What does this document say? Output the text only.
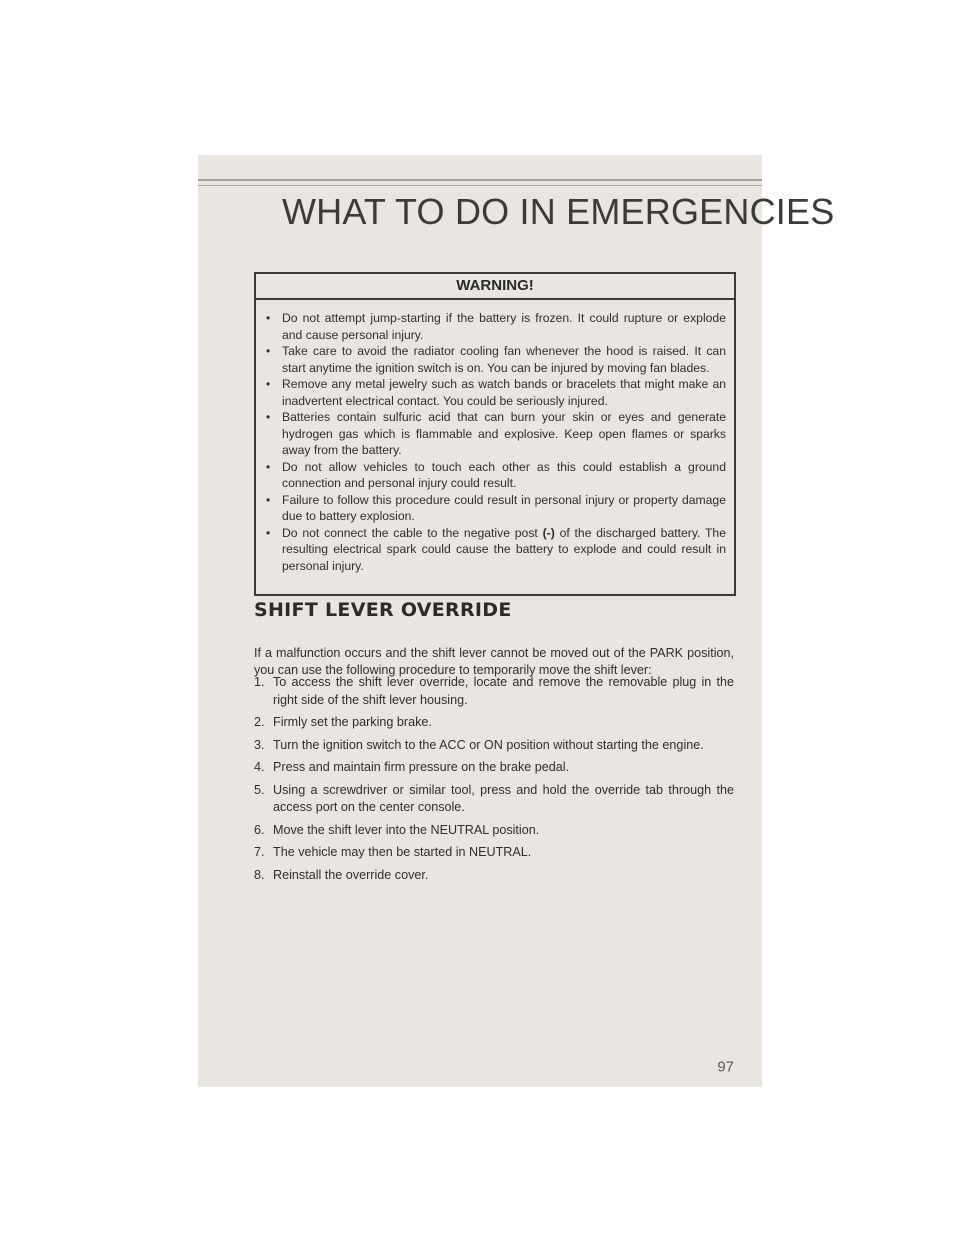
WHAT TO DO IN EMERGENCIES
WARNING!
• Do not attempt jump-starting if the battery is frozen. It could rupture or explode and cause personal injury.
• Take care to avoid the radiator cooling fan whenever the hood is raised. It can start anytime the ignition switch is on. You can be injured by moving fan blades.
• Remove any metal jewelry such as watch bands or bracelets that might make an inadvertent electrical contact. You could be seriously injured.
• Batteries contain sulfuric acid that can burn your skin or eyes and generate hydrogen gas which is flammable and explosive. Keep open flames or sparks away from the battery.
• Do not allow vehicles to touch each other as this could establish a ground connection and personal injury could result.
• Failure to follow this procedure could result in personal injury or property damage due to battery explosion.
• Do not connect the cable to the negative post (-) of the discharged battery. The resulting electrical spark could cause the battery to explode and could result in personal injury.
SHIFT LEVER OVERRIDE

If a malfunction occurs and the shift lever cannot be moved out of the PARK position, you can use the following procedure to temporarily move the shift lever:

1. To access the shift lever override, locate and remove the removable plug in the right side of the shift lever housing.
2. Firmly set the parking brake.
3. Turn the ignition switch to the ACC or ON position without starting the engine.
4. Press and maintain firm pressure on the brake pedal.
5. Using a screwdriver or similar tool, press and hold the override tab through the access port on the center console.
6. Move the shift lever into the NEUTRAL position.
7. The vehicle may then be started in NEUTRAL.
8. Reinstall the override cover.
97
